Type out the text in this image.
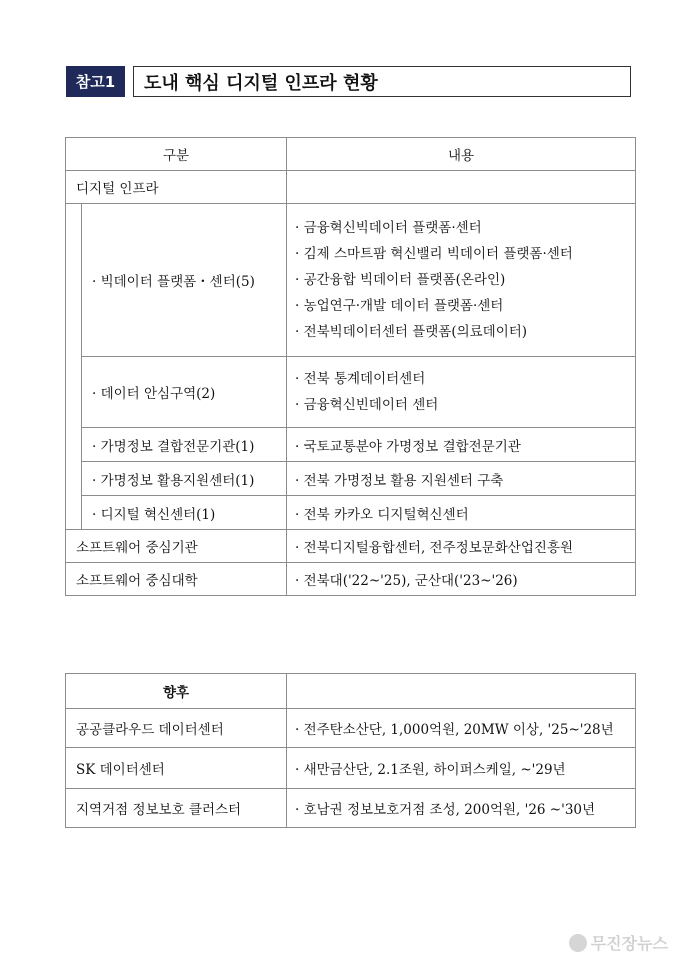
참고1	도내 핵심 디지털 인프라 현황
구분		내용
디지털 인프라		
	· 빅데이터 플랫폼・센터(5)	· 금융혁신빅데이터 플랫폼·센터
· 김제 스마트팜 혁신밸리 빅데이터 플랫폼·센터
· 공간융합 빅데이터 플랫폼(온라인)
· 농업연구·개발 데이터 플랫폼·센터
· 전북빅데이터센터 플랫폼(의료데이터)

	· 데이터 안심구역(2)	· 전북 통계데이터센터
· 금융혁신빈데이터 센터

	· 가명정보 결합전문기관(1)	· 국토교통분야 가명정보 결합전문기관
	· 가명정보 활용지원센터(1)	· 전북 가명정보 활용 지원센터 구축
	· 디지털 혁신센터(1)	· 전북 카카오 디지털혁신센터
소프트웨어 중심기관		· 전북디지털융합센터, 전주정보문화산업진흥원
소프트웨어 중심대학		· 전북대('22~'25), 군산대('23~'26)
향후	
공공클라우드 데이터센터	· 전주탄소산단, 1,000억원, 20MW 이상, '25~'28년
SK 데이터센터	· 새만금산단, 2.1조원, 하이퍼스케일, ~'29년
지역거점 정보보호 클러스터	· 호남권 정보보호거점 조성, 200억원, '26 ~'30년
무진장뉴스
